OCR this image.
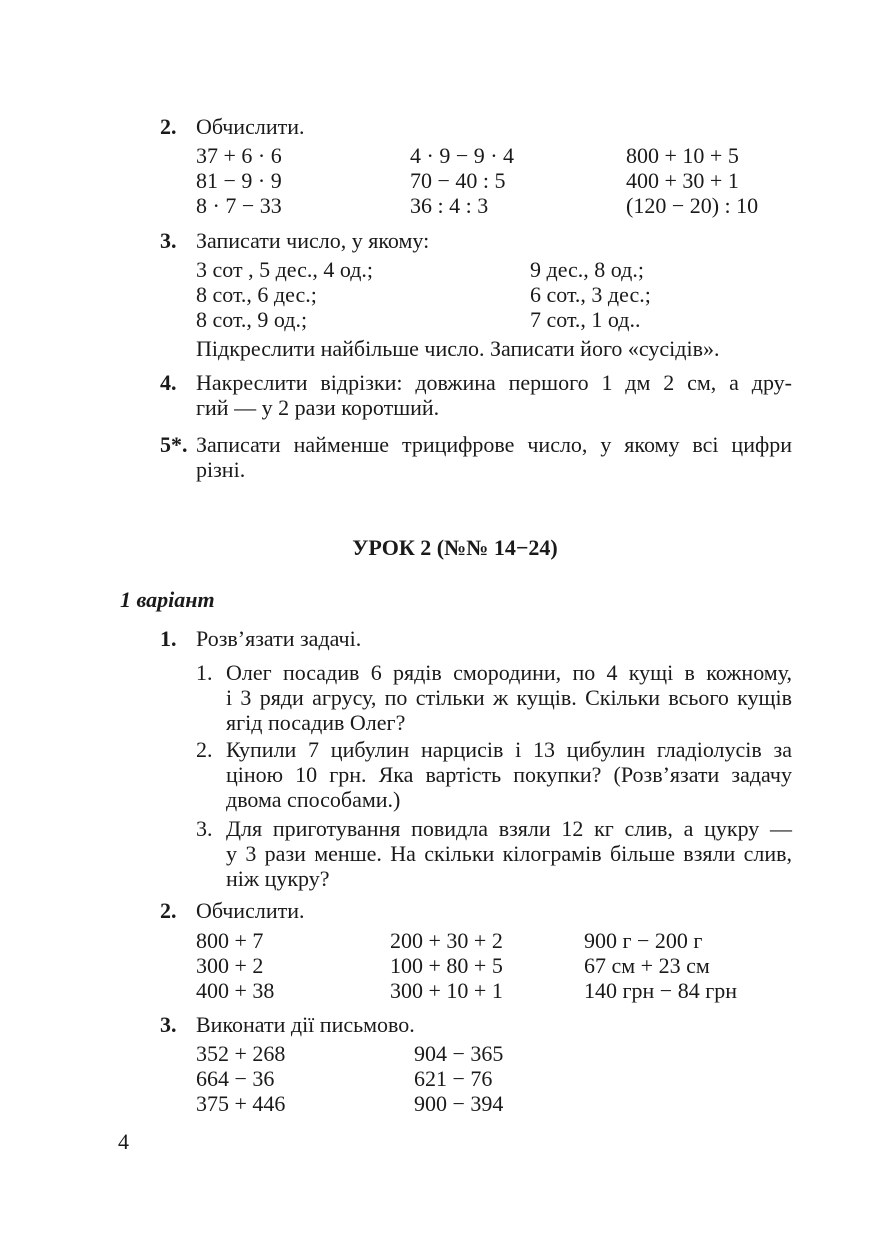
2. Обчислити.
37 + 6 · 6	4 · 9 − 9 · 4	800 + 10 + 5
81 − 9 · 9	70 − 40 : 5	400 + 30 + 1
8 · 7 − 33	36 : 4 : 3	(120 − 20) : 10
3. Записати число, у якому:
3 сот , 5 дес., 4 од.;	9 дес., 8 од.;
8 сот., 6 дес.;	6 сот., 3 дес.;
8 сот., 9 од.;	7 сот., 1 од..
Підкреслити найбільше число. Записати його «сусідів».
4. Накреслити відрізки: довжина першого 1 дм 2 см, а дру-
гий — у 2 рази коротший.
5*. Записати найменше трицифрове число, у якому всі цифри
різні.
УРОК 2 (№№ 14−24)
1 варіант
1. Розв’язати задачі.
1. Олег посадив 6 рядів смородини, по 4 кущі в кожному,
і 3 ряди агрусу, по стільки ж кущів. Скільки всього кущів
ягід посадив Олег?
2. Купили 7 цибулин нарцисів і 13 цибулин гладіолусів за
ціною 10 грн. Яка вартість покупки? (Розв’язати задачу
двома способами.)
3. Для приготування повидла взяли 12 кг слив, а цукру —
у 3 рази менше. На скільки кілограмів більше взяли слив,
ніж цукру?
2. Обчислити.
800 + 7	200 + 30 + 2	900 г − 200 г
300 + 2	100 + 80 + 5	67 см + 23 см
400 + 38	300 + 10 + 1	140 грн − 84 грн
3. Виконати дії письмово.
352 + 268	904 − 365
664 − 36	621 − 76
375 + 446	900 − 394
4
